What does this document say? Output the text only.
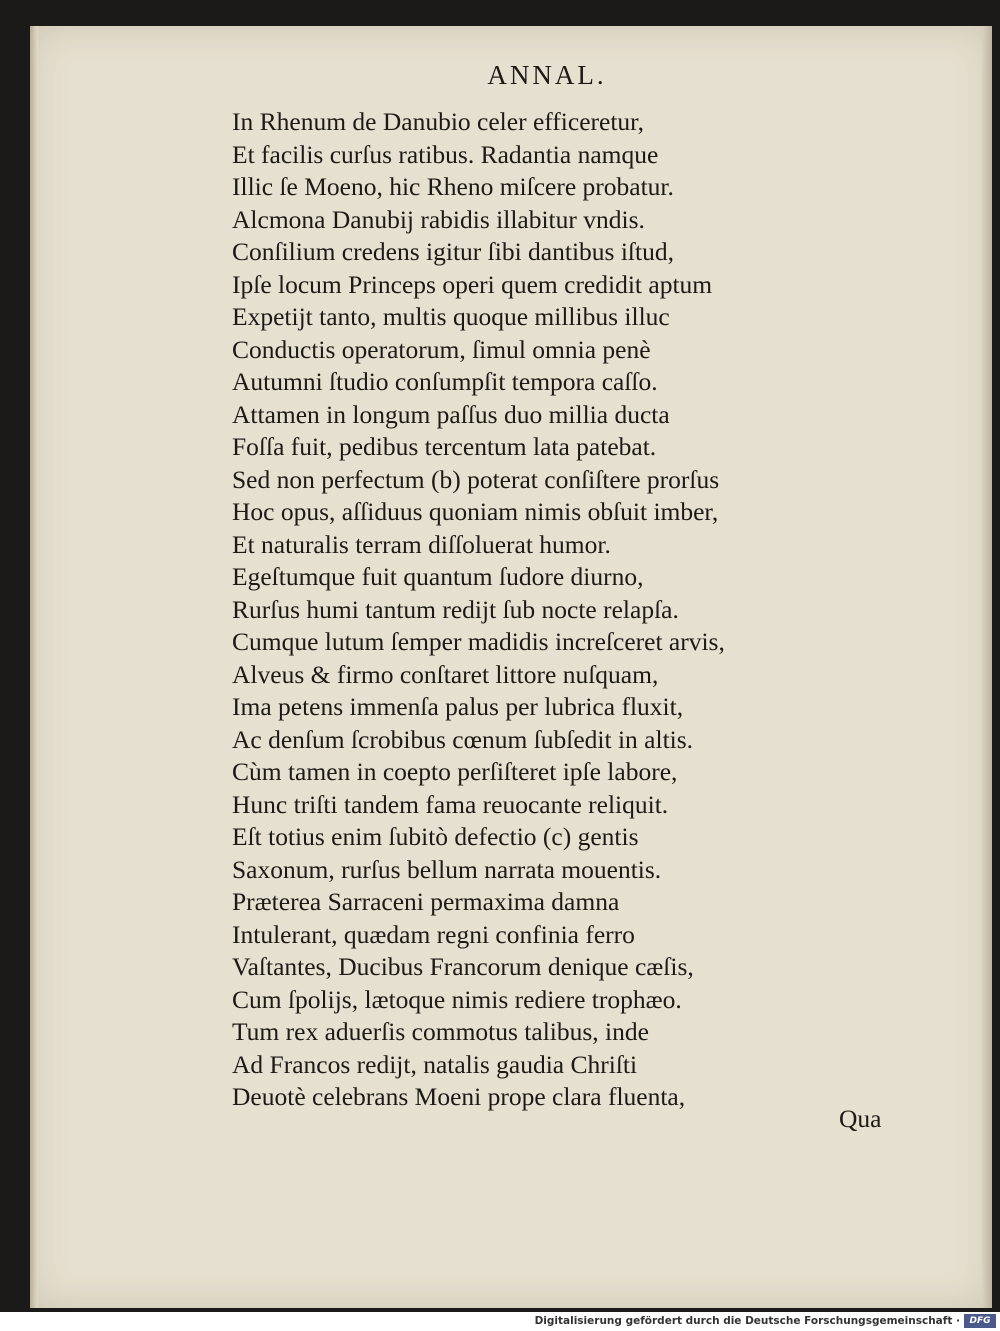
ANNAL.
In Rhenum de Danubio celer efficeretur,
Et facilis curſus ratibus. Radantia namque
Illic ſe Moeno, hic Rheno miſcere probatur.
Alcmona Danubij rabidis illabitur vndis.
Conſilium credens igitur ſibi dantibus iſtud,
Ipſe locum Princeps operi quem credidit aptum
Expetijt tanto, multis quoque millibus illuc
Conductis operatorum, ſimul omnia penè
Autumni ſtudio conſumpſit tempora caſſo.
Attamen in longum paſſus duo millia ducta
Foſſa fuit, pedibus tercentum lata patebat.
Sed non perfectum (b) poterat conſiſtere prorſus
Hoc opus, aſſiduus quoniam nimis obſuit imber,
Et naturalis terram diſſoluerat humor.
Egeſtumque fuit quantum ſudore diurno,
Rurſus humi tantum redijt ſub nocte relapſa.
Cumque lutum ſemper madidis increſceret arvis,
Alveus & firmo conſtaret littore nuſquam,
Ima petens immenſa palus per lubrica fluxit,
Ac denſum ſcrobibus cœnum ſubſedit in altis.
Cùm tamen in coepto perſiſteret ipſe labore,
Hunc triſti tandem fama reuocante reliquit.
Eſt totius enim ſubitò defectio (c) gentis
Saxonum, rurſus bellum narrata mouentis.
Præterea Sarraceni permaxima damna
Intulerant, quædam regni confinia ferro
Vaſtantes, Ducibus Francorum denique cæſis,
Cum ſpolijs, lætoque nimis rediere trophæo.
Tum rex aduerſis commotus talibus, inde
Ad Francos redijt, natalis gaudia Chriſti
Deuotè celebrans Moeni prope clara fluenta,
Qua
Digitalisierung gefördert durch die Deutsche Forschungsgemeinschaft ·	DFG
